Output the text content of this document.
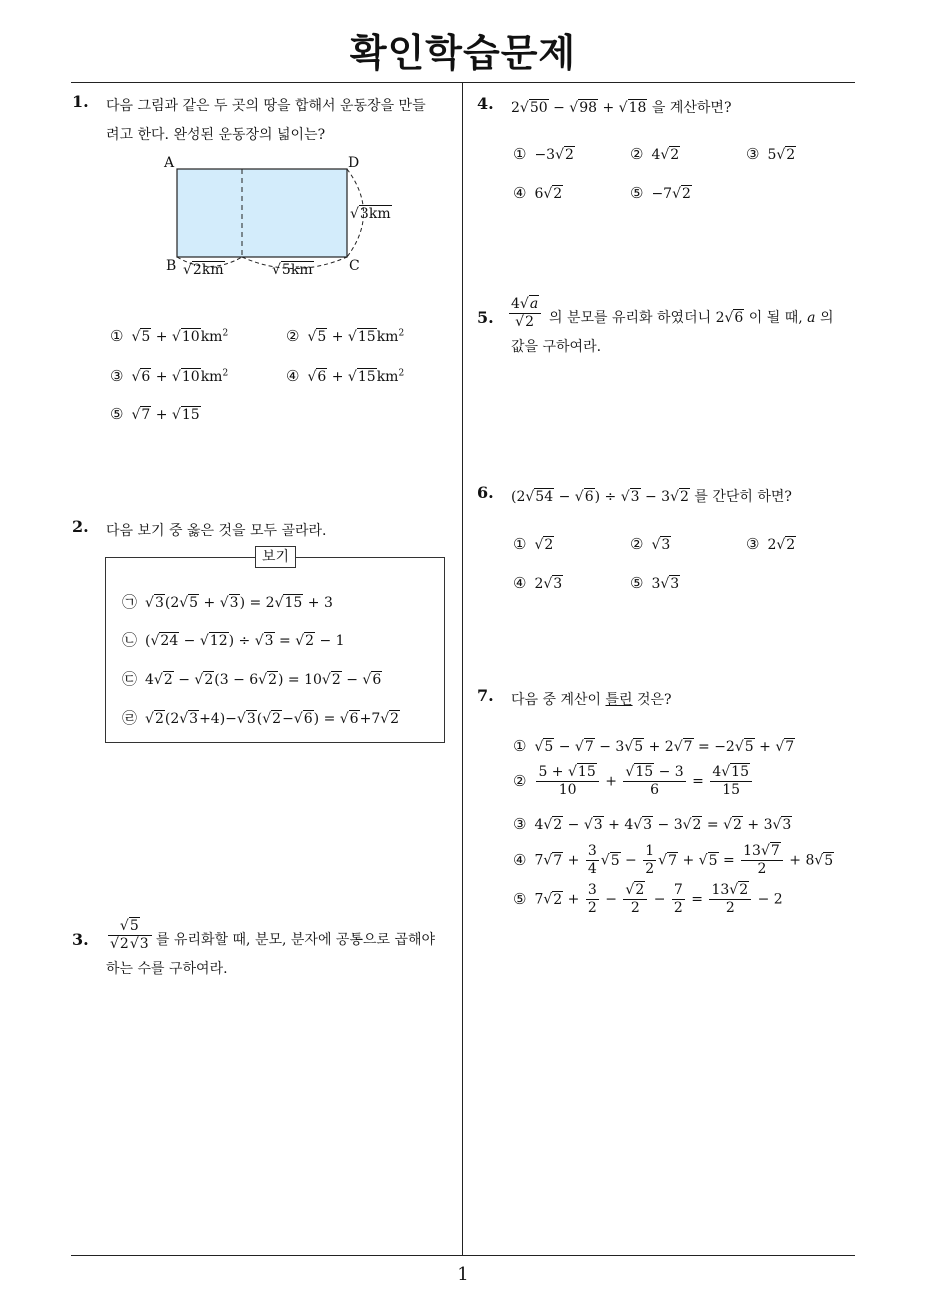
확인학습문제
1
1. 다음 그림과 같은 두 곳의 땅을 합해서 운동장을 만들
려고 한다. 완성된 운동장의 넓이는?
A	D
B	C
√3km
√2km	√5km
① $√5 + √10km^2$	② $√5 + √15km^2$
③ $√6 + √10km^2$	④ $√6 + √15km^2$
⑤ √7 + √15
2. 다음 보기 중 옳은 것을 모두 골라라.
보기
㉠ √3(2√5 + √3) = 2√15 + 3
㉡ (√24 − √12) ÷ √3 = √2 − 1
㉢ 4√2 − √2(3 − 6√2) = 10√2 − √6
㉣ √2(2√3+4)−√3(√2−√6) = √6+7√2
3. $\frac{√5}{√2√3}$ 를 유리화할 때, 분모, 분자에 공통으로 곱해야
하는 수를 구하여라.
4. 2√50 − √98 + √18 을 계산하면?
① −3√2	② 4√2	③ 5√2
④ 6√2	⑤ −7√2
5. $\frac{4√a}{√2}$ 의 분모를 유리화 하였더니 2√6 이 될 때, a 의
값을 구하여라.
6. (2√54 − √6) ÷ √3 − 3√2 를 간단히 하면?
① √2	② √3	③ 2√2
④ 2√3	⑤ 3√3
7. 다음 중 계산이 틀린 것은?
① √5 − √7 − 3√5 + 2√7 = −2√5 + √7
② $\frac{5 + √15}{10} + \frac{√15 - 3}{6} = \frac{4√15}{15}$
③ 4√2 − √3 + 4√3 − 3√2 = √2 + 3√3
④ $7√7 + \frac{3}{4} √5 - \frac{1}{2} √7 + √5 = \frac{13√7}{2} + 8√5$
⑤ $7√2 + \frac{3}{2} - \frac{√2}{2} - \frac{7}{2} = \frac{13√2}{2} - 2$
